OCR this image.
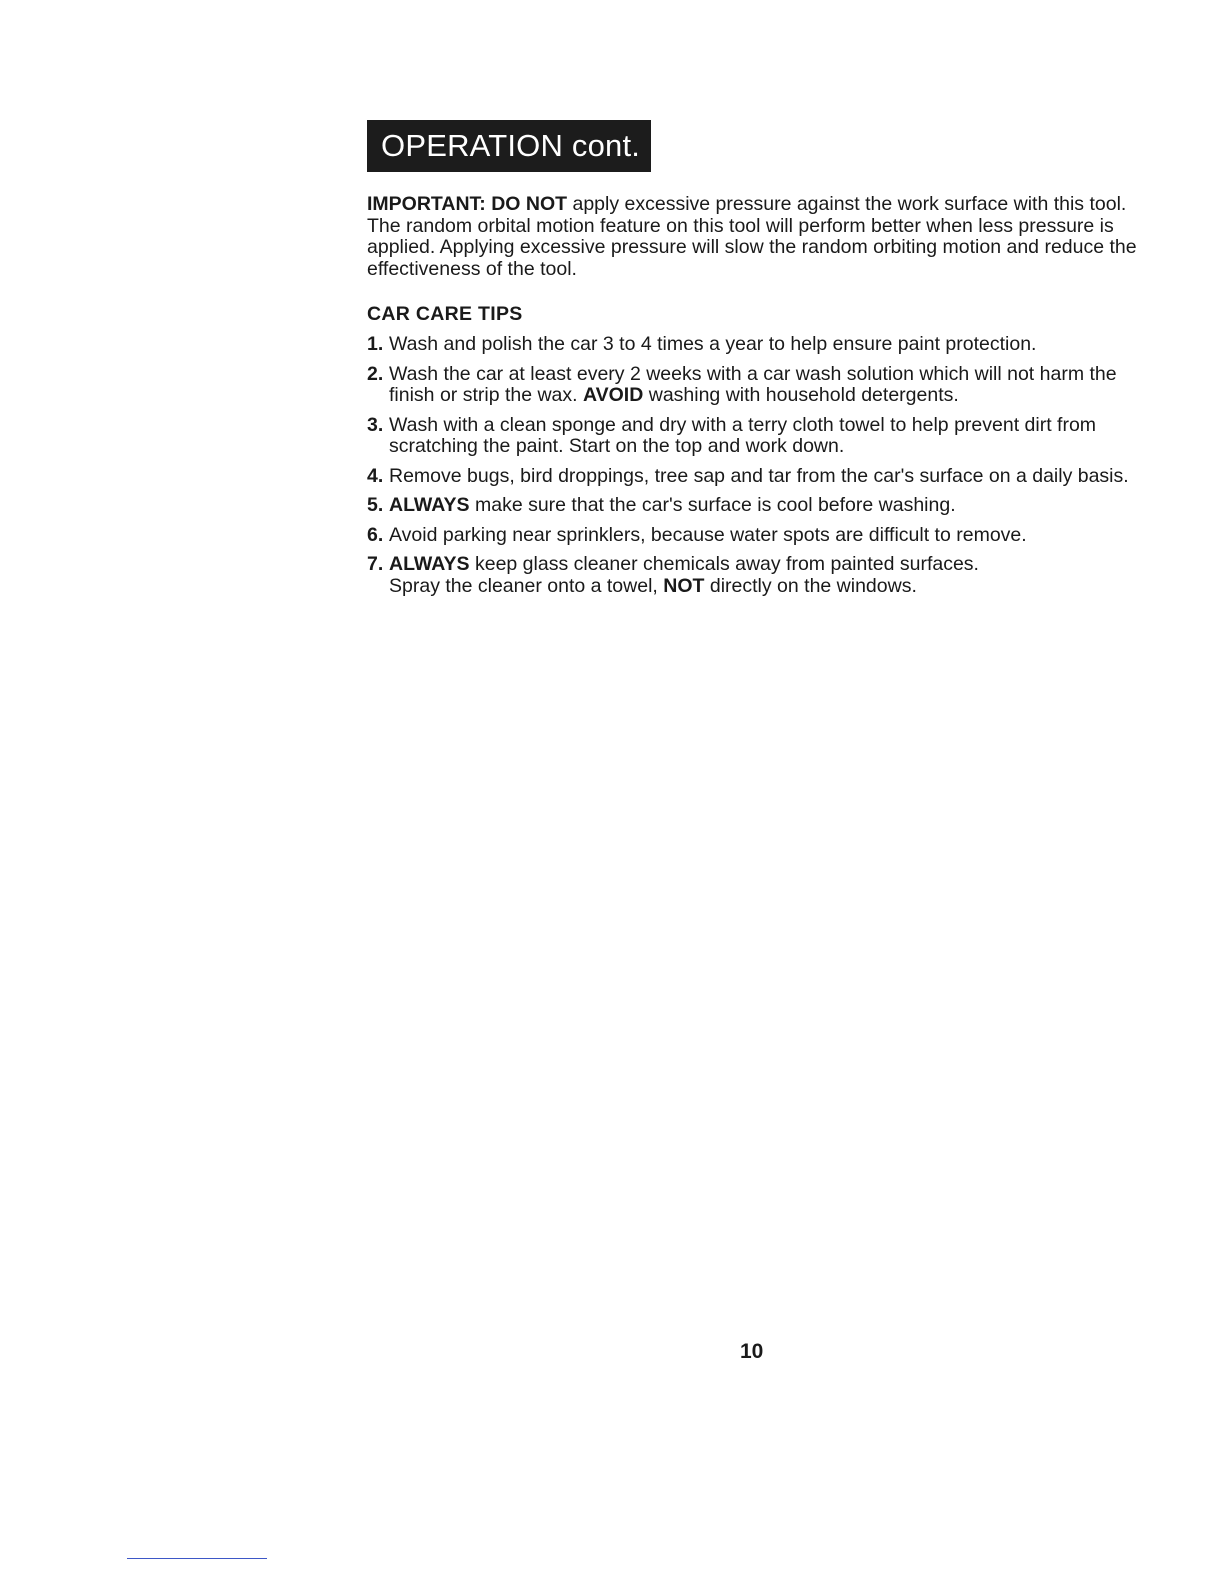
OPERATION cont.

IMPORTANT: DO NOT apply excessive pressure against the work surface with this tool. The random orbital motion feature on this tool will perform better when less pressure is applied. Applying excessive pressure will slow the random orbiting motion and reduce the effectiveness of the tool.

CAR CARE TIPS
1. Wash and polish the car 3 to 4 times a year to help ensure paint protection.
2. Wash the car at least every 2 weeks with a car wash solution which will not harm the finish or strip the wax. AVOID washing with household detergents.
3. Wash with a clean sponge and dry with a terry cloth towel to help prevent dirt from scratching the paint. Start on the top and work down.
4. Remove bugs, bird droppings, tree sap and tar from the car's surface on a daily basis.
5. ALWAYS make sure that the car's surface is cool before washing.
6. Avoid parking near sprinklers, because water spots are difficult to remove.
7. ALWAYS keep glass cleaner chemicals away from painted surfaces.
Spray the cleaner onto a towel, NOT directly on the windows.
10
